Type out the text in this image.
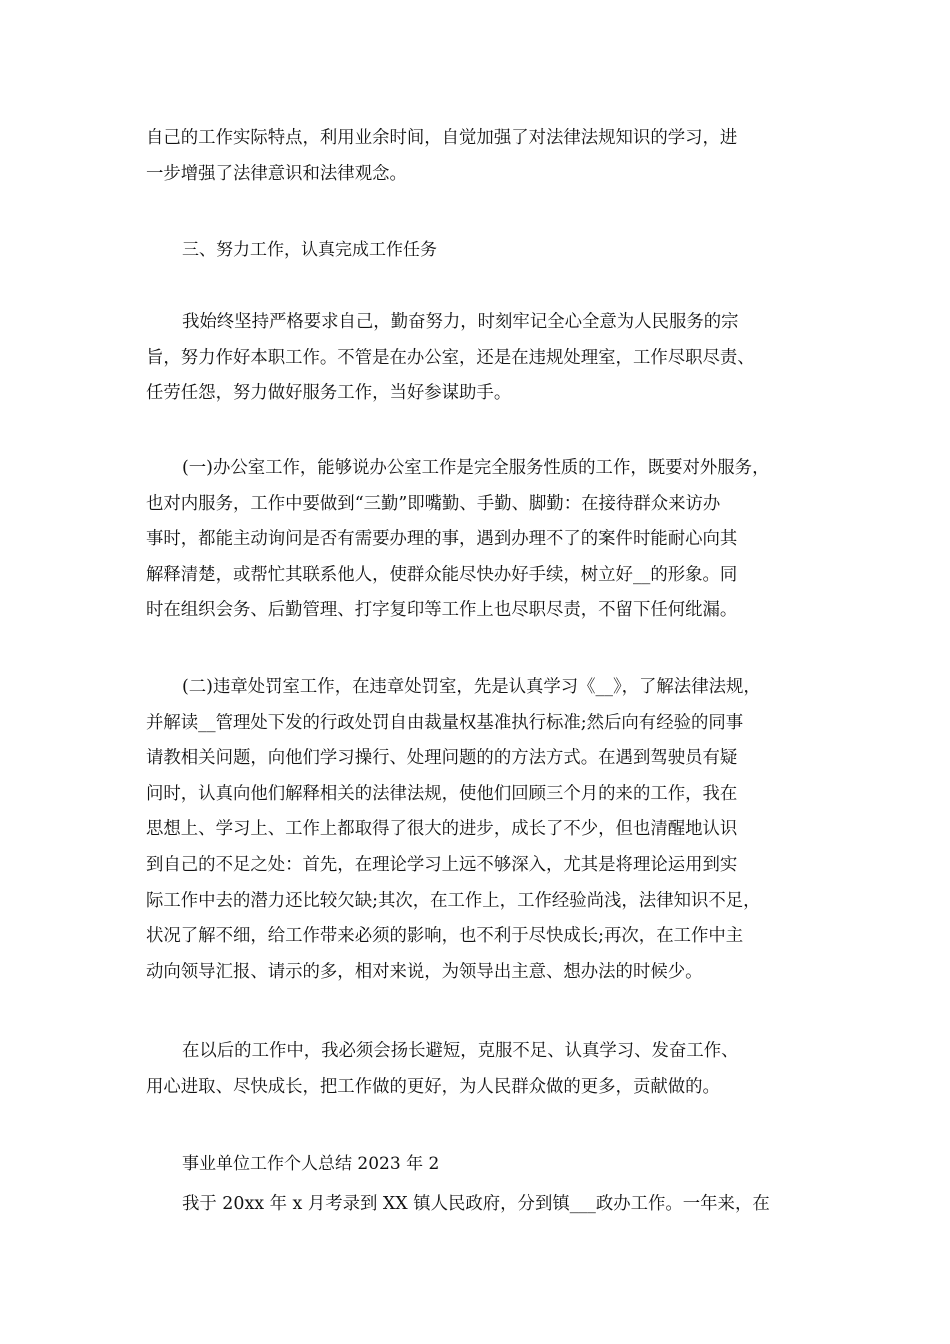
自己的工作实际特点，利用业余时间，自觉加强了对法律法规知识的学习，进
一步增强了法律意识和法律观念。
三、努力工作，认真完成工作任务
我始终坚持严格要求自己，勤奋努力，时刻牢记全心全意为人民服务的宗
旨，努力作好本职工作。不管是在办公室，还是在违规处理室，工作尽职尽责、
任劳任怨，努力做好服务工作，当好参谋助手。
(一)办公室工作，能够说办公室工作是完全服务性质的工作，既要对外服务，
也对内服务，工作中要做到“三勤”即嘴勤、手勤、脚勤：在接待群众来访办
事时，都能主动询问是否有需要办理的事，遇到办理不了的案件时能耐心向其
解释清楚，或帮忙其联系他人，使群众能尽快办好手续，树立好__的形象。同
时在组织会务、后勤管理、打字复印等工作上也尽职尽责，不留下任何纰漏。
(二)违章处罚室工作，在违章处罚室，先是认真学习《__》，了解法律法规，
并解读__管理处下发的行政处罚自由裁量权基准执行标准;然后向有经验的同事
请教相关问题，向他们学习操行、处理问题的的方法方式。在遇到驾驶员有疑
问时，认真向他们解释相关的法律法规，使他们回顾三个月的来的工作，我在
思想上、学习上、工作上都取得了很大的进步，成长了不少，但也清醒地认识
到自己的不足之处：首先，在理论学习上远不够深入，尤其是将理论运用到实
际工作中去的潜力还比较欠缺;其次，在工作上，工作经验尚浅，法律知识不足，
状况了解不细，给工作带来必须的影响，也不利于尽快成长;再次，在工作中主
动向领导汇报、请示的多，相对来说，为领导出主意、想办法的时候少。
在以后的工作中，我必须会扬长避短，克服不足、认真学习、发奋工作、
用心进取、尽快成长，把工作做的更好，为人民群众做的更多，贡献做的。
事业单位工作个人总结 2023 年 2
我于 20xx 年 x 月考录到 XX 镇人民政府，分到镇___政办工作。一年来，在
